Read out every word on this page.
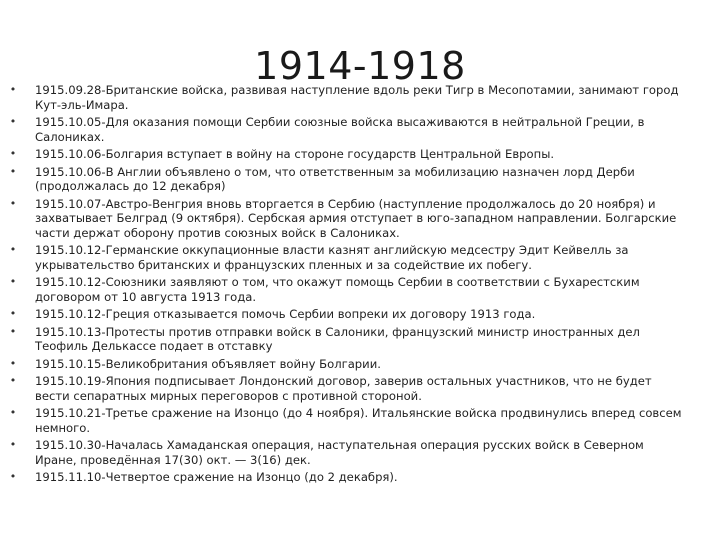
1914-1918
• 1915.09.28-Британские войска, развивая наступление вдоль реки Тигр в Месопотамии, занимают город Кут-эль-Имара.
• 1915.10.05-Для оказания помощи Сербии союзные войска высаживаются в нейтральной Греции, в Салониках.
• 1915.10.06-Болгария вступает в войну на стороне государств Центральной Европы.
• 1915.10.06-В Англии объявлено о том, что ответственным за мобилизацию назначен лорд Дерби (продолжалась до 12 декабря)
• 1915.10.07-Австро-Венгрия вновь вторгается в Сербию (наступление продолжалось до 20 ноября) и захватывает Белград (9 октября). Сербская армия отступает в юго-западном направлении. Болгарские части держат оборону против союзных войск в Салониках.
• 1915.10.12-Германские оккупационные власти казнят английскую медсестру Эдит Кейвелль за укрывательство британских и французских пленных и за содействие их побегу.
• 1915.10.12-Союзники заявляют о том, что окажут помощь Сербии в соответствии с Бухарестским договором от 10 августа 1913 года.
• 1915.10.12-Греция отказывается помочь Сербии вопреки их договору 1913 года.
• 1915.10.13-Протесты против отправки войск в Салоники, французский министр иностранных дел Теофиль Делькассе подает в отставку
• 1915.10.15-Великобритания объявляет войну Болгарии.
• 1915.10.19-Япония подписывает Лондонский договор, заверив остальных участников, что не будет вести сепаратных мирных переговоров с противной стороной.
• 1915.10.21-Третье сражение на Изонцо (до 4 ноября). Итальянские войска продвинулись вперед совсем немного.
• 1915.10.30-Началась Хамаданская операция, наступательная операция русских войск в Северном Иране, проведённая 17(30) окт. — 3(16) дек.
• 1915.11.10-Четвертое сражение на Изонцо (до 2 декабря).
